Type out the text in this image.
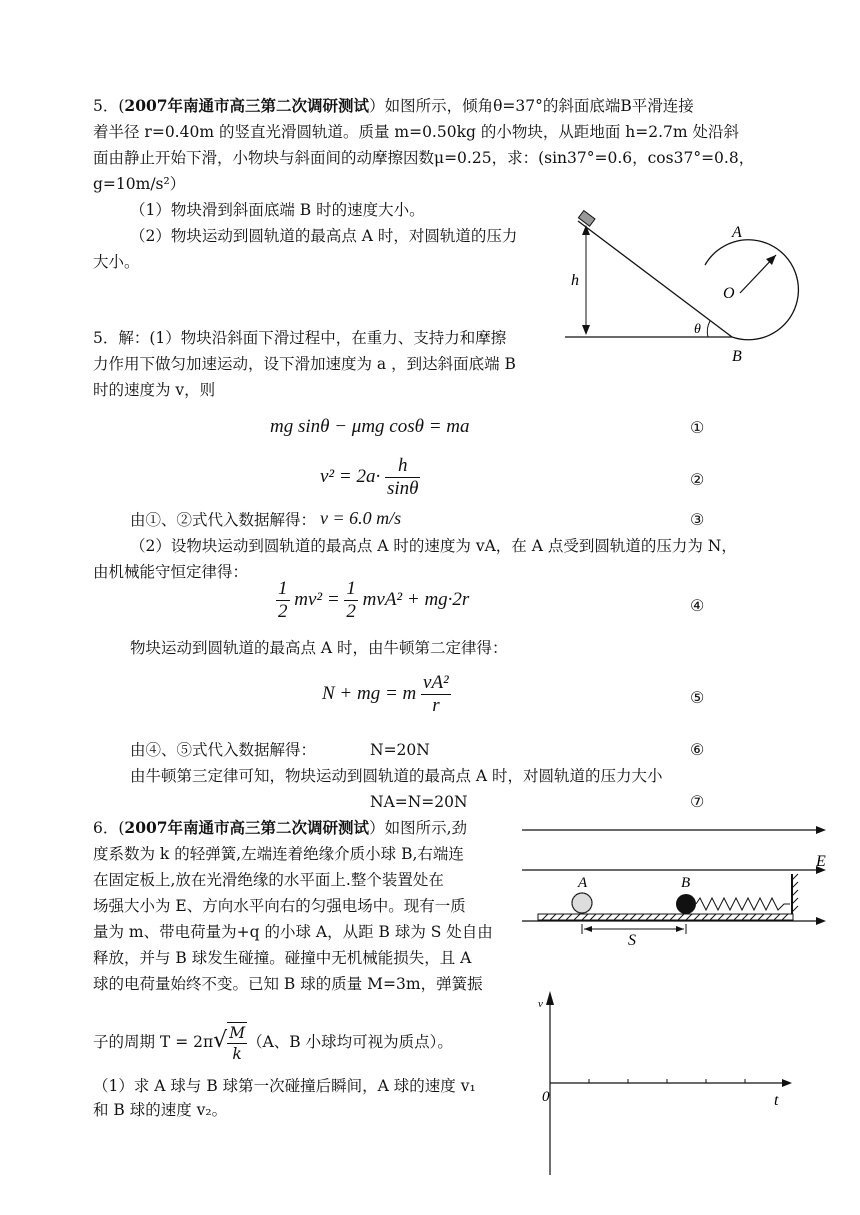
5．(2007年南通市高三第二次调研测试）如图所示，倾角θ=37°的斜面底端B平滑连接
着半径 r=0.40m 的竖直光滑圆轨道。质量 m=0.50kg 的小物块，从距地面 h=2.7m 处沿斜
面由静止开始下滑，小物块与斜面间的动摩擦因数μ=0.25，求：(sin37°=0.6，cos37°=0.8，
g=10m/s²）
（1）物块滑到斜面底端 B 时的速度大小。
（2）物块运动到圆轨道的最高点 A 时，对圆轨道的压力
大小。
h
O
A
θ
B
5．解：(1）物块沿斜面下滑过程中，在重力、支持力和摩擦
力作用下做匀加速运动，设下滑加速度为 a ，到达斜面底端 B
时的速度为 v，则
mg sinθ − μmg cosθ = ma	①
$v^2 = 2a\cdot \frac{h}{\sin\theta}$	②
由①、②式代入数据解得： v = 6.0 m/s	③
（2）设物块运动到圆轨道的最高点 A 时的速度为 vA，在 A 点受到圆轨道的压力为 N，
由机械能守恒定律得：
$\frac{1}{2} mv^2 = \frac{1}{2} mvA^2 + mg\cdot 2r$	④
物块运动到圆轨道的最高点 A 时，由牛顿第二定律得：
N + mg = m $\frac{\text{vA²}}{r}$	⑤
由④、⑤式代入数据解得：	N=20N	⑥
由牛顿第三定律可知，物块运动到圆轨道的最高点 A 时，对圆轨道的压力大小
NA=N=20N	⑦
6．(2007年南通市高三第二次调研测试）如图所示,劲
度系数为 k 的轻弹簧,左端连着绝缘介质小球 B,右端连
在固定板上,放在光滑绝缘的水平面上.整个装置处在
场强大小为 E、方向水平向右的匀强电场中。现有一质
量为 m、带电荷量为+q 的小球 A，从距 B 球为 S 处自由
释放，并与 B 球发生碰撞。碰撞中无机械能损失，且 A
球的电荷量始终不变。已知 B 球的质量 M=3m，弹簧振
子的周期 $T = 2\pi√ \frac{M}{k} (A$、B 小球均可视为质点）。
（1）求 A 球与 B 球第一次碰撞后瞬间，A 球的速度 v₁
和 B 球的速度 v₂。
E
A	B
S
v
0	t
